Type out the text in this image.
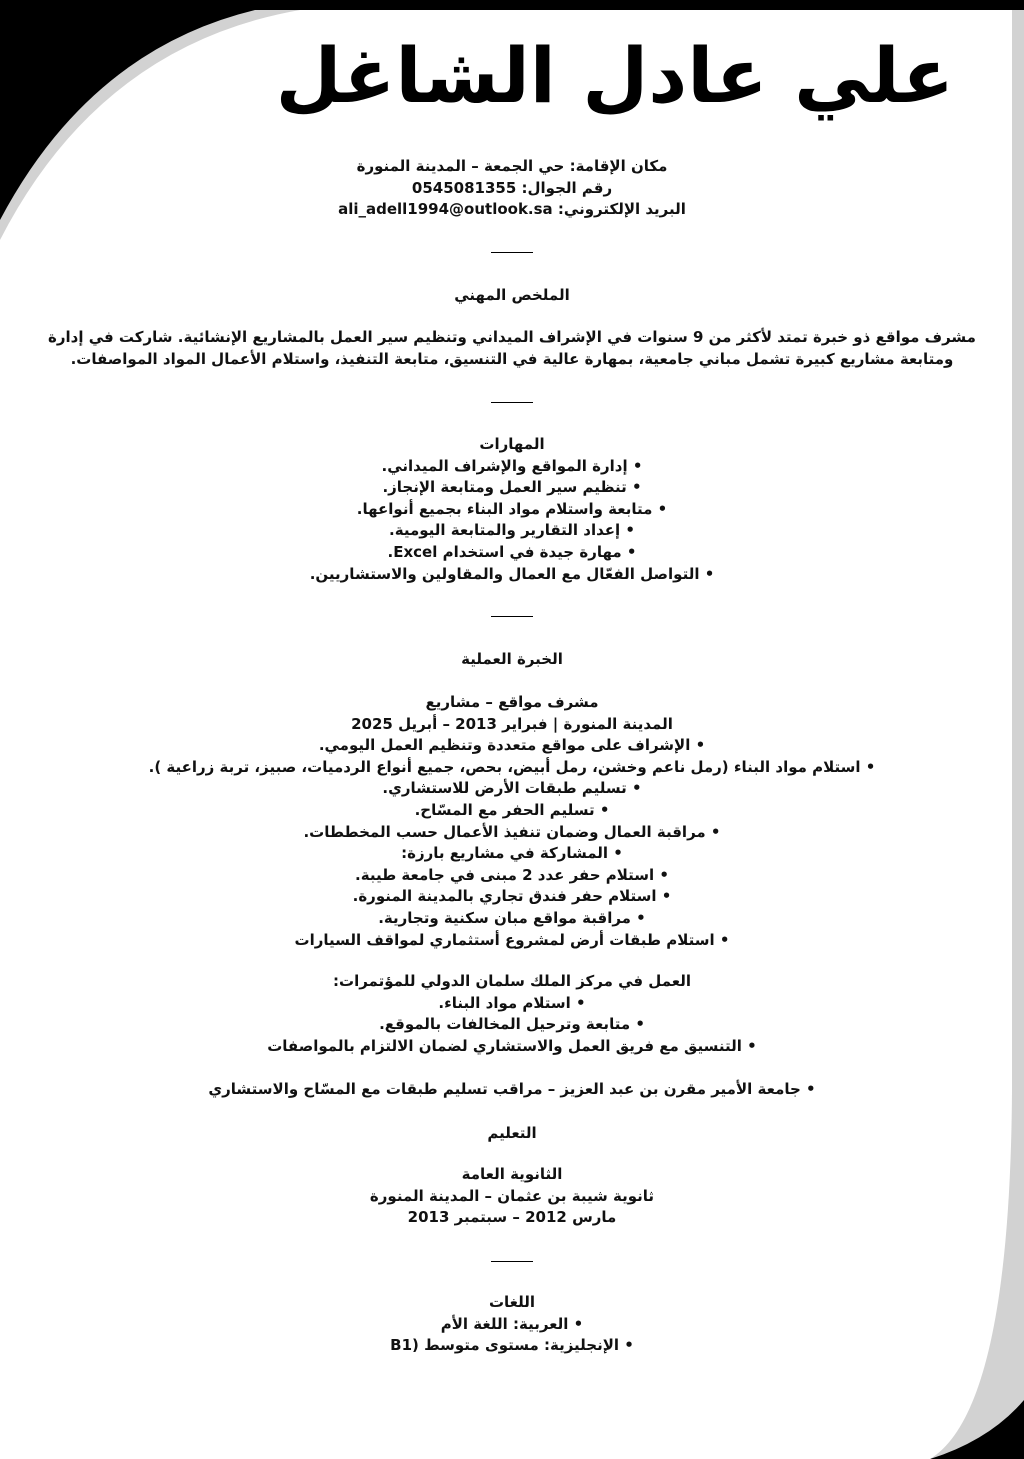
علي عادل الشاغل

مكان الإقامة: حي الجمعة – المدينة المنورة

رقم الجوال: 0545081355

البريد الإلكتروني: ali_adell1994@outlook.sa

الملخص المهني

مشرف مواقع ذو خبرة تمتد لأكثر من 9 سنوات في الإشراف الميداني وتنظيم سير العمل بالمشاريع الإنشائية. شاركت في إدارة ومتابعة مشاريع كبيرة تشمل مباني جامعية، بمهارة عالية في التنسيق، متابعة التنفيذ، واستلام الأعمال المواد المواصفات.

المهارات

• إدارة المواقع والإشراف الميداني.

• تنظيم سير العمل ومتابعة الإنجاز.

• متابعة واستلام مواد البناء بجميع أنواعها.

• إعداد التقارير والمتابعة اليومية.

• مهارة جيدة في استخدام Excel.

• التواصل الفعّال مع العمال والمقاولين والاستشاريين.

الخبرة العملية

مشرف مواقع – مشاريع

المدينة المنورة | فبراير 2013 – أبريل 2025

• الإشراف على مواقع متعددة وتنظيم العمل اليومي.

• استلام مواد البناء (رمل ناعم وخشن، رمل أبيض، بحص، جميع أنواع الردميات، صبيز، تربة زراعية ).

• تسليم طبقات الأرض للاستشاري.

• تسليم الحفر مع المسّاح.

• مراقبة العمال وضمان تنفيذ الأعمال حسب المخططات.

• المشاركة في مشاريع بارزة:

• استلام حفر عدد 2 مبنى في جامعة طيبة.

• استلام حفر فندق تجاري بالمدينة المنورة.

• مراقبة مواقع مبان سكنية وتجارية.

• استلام طبقات أرض لمشروع أستثماري لمواقف السيارات

العمل في مركز الملك سلمان الدولي للمؤتمرات:

• استلام مواد البناء.

• متابعة وترحيل المخالفات بالموقع.

• التنسيق مع فريق العمل والاستشاري لضمان الالتزام بالمواصفات

• جامعة الأمير مقرن بن عبد العزيز – مراقب تسليم طبقات مع المسّاح والاستشاري

التعليم

الثانوية العامة

ثانوية شيبة بن عثمان – المدينة المنورة

مارس 2012 – سبتمبر 2013

اللغات

• العربية: اللغة الأم

• الإنجليزية: مستوى متوسط (B1
